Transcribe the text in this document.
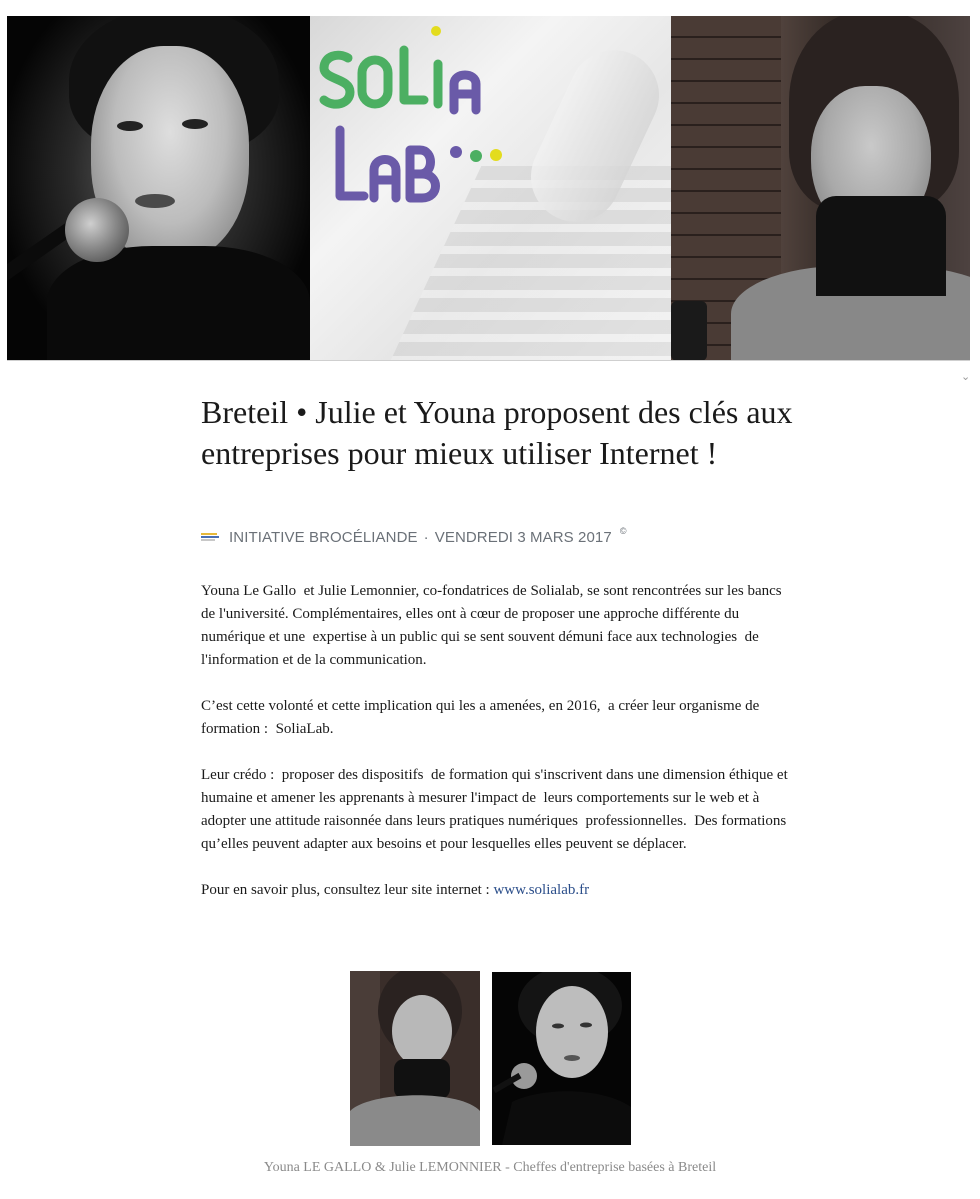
⌄
Breteil • Julie et Youna proposent des clés aux entreprises pour mieux utiliser Internet !
INITIATIVE BROCÉLIANDE · VENDREDI 3 MARS 2017 ©

Youna Le Gallo  et Julie Lemonnier, co-fondatrices de Solialab, se sont rencontrées sur les bancs de l'université. Complémentaires, elles ont à cœur de proposer une approche différente du numérique et une  expertise à un public qui se sent souvent démuni face aux technologies  de l'information et de la communication.

C’est cette volonté et cette implication qui les a amenées, en 2016,  a créer leur organisme de formation :  SoliaLab.

Leur crédo :  proposer des dispositifs  de formation qui s'inscrivent dans une dimension éthique et humaine et amener les apprenants à mesurer l'impact de  leurs comportements sur le web et à adopter une attitude raisonnée dans leurs pratiques numériques  professionnelles.  Des formations qu’elles peuvent adapter aux besoins et pour lesquelles elles peuvent se déplacer.

Pour en savoir plus, consultez leur site internet : www.solialab.fr

Youna LE GALLO & Julie LEMONNIER - Cheffes d'entreprise basées à Breteil
